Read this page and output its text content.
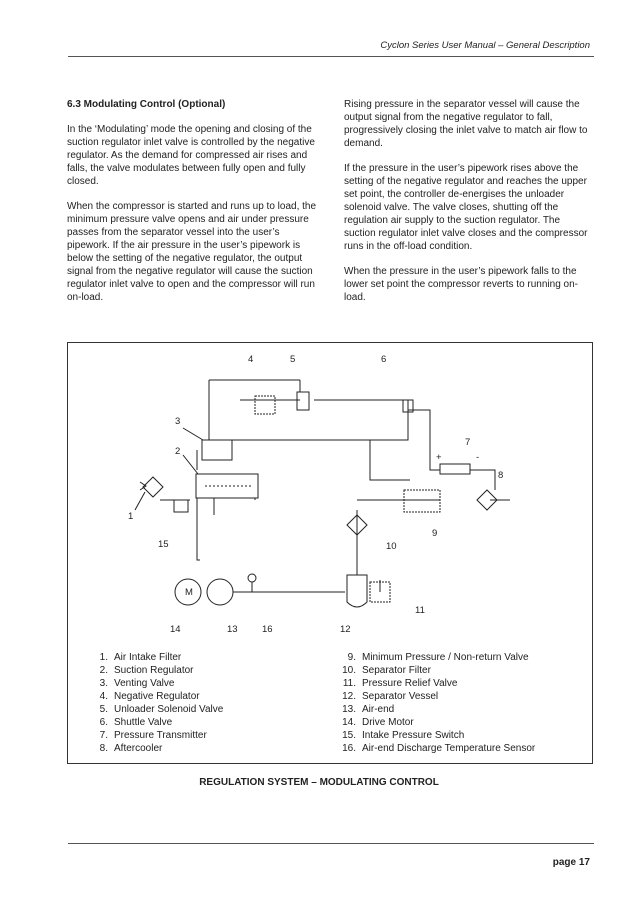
Cyclon Series User Manual – General Description
6.3 Modulating Control (Optional)

In the ‘Modulating’ mode the opening and closing of the suction regulator inlet valve is controlled by the negative regulator. As the demand for compressed air rises and falls, the valve modulates between fully open and fully closed.

When the compressor is started and runs up to load, the minimum pressure valve opens and air under pressure passes from the separator vessel into the user’s pipework. If the air pressure in the user’s pipework is below the setting of the negative regulator, the output signal from the negative regulator will cause the suction regulator inlet valve to open and the compressor will run on-load.

Rising pressure in the separator vessel will cause the output signal from the negative regulator to fall, progressively closing the inlet valve to match air flow to demand.

If the pressure in the user’s pipework rises above the setting of the negative regulator and reaches the upper set point, the controller de-energises the unloader solenoid valve. The valve closes, shutting off the regulation air supply to the suction regulator. The suction regulator inlet valve closes and the compressor runs in the off-load condition.

When the pressure in the user’s pipework falls to the lower set point the compressor reverts to running on-load.

4	5	6
3
2
7
+	-
8
1
9
15	10
M
11
14	13	16	12
1. Air Intake Filter
2. Suction Regulator
3. Venting Valve
4. Negative Regulator
5. Unloader Solenoid Valve
6. Shuttle Valve
7. Pressure Transmitter
8. Aftercooler
9. Minimum Pressure / Non-return Valve
10. Separator Filter
11. Pressure Relief Valve
12. Separator Vessel
13. Air-end
14. Drive Motor
15. Intake Pressure Switch
16. Air-end Discharge Temperature Sensor
REGULATION SYSTEM – MODULATING CONTROL
page 17
